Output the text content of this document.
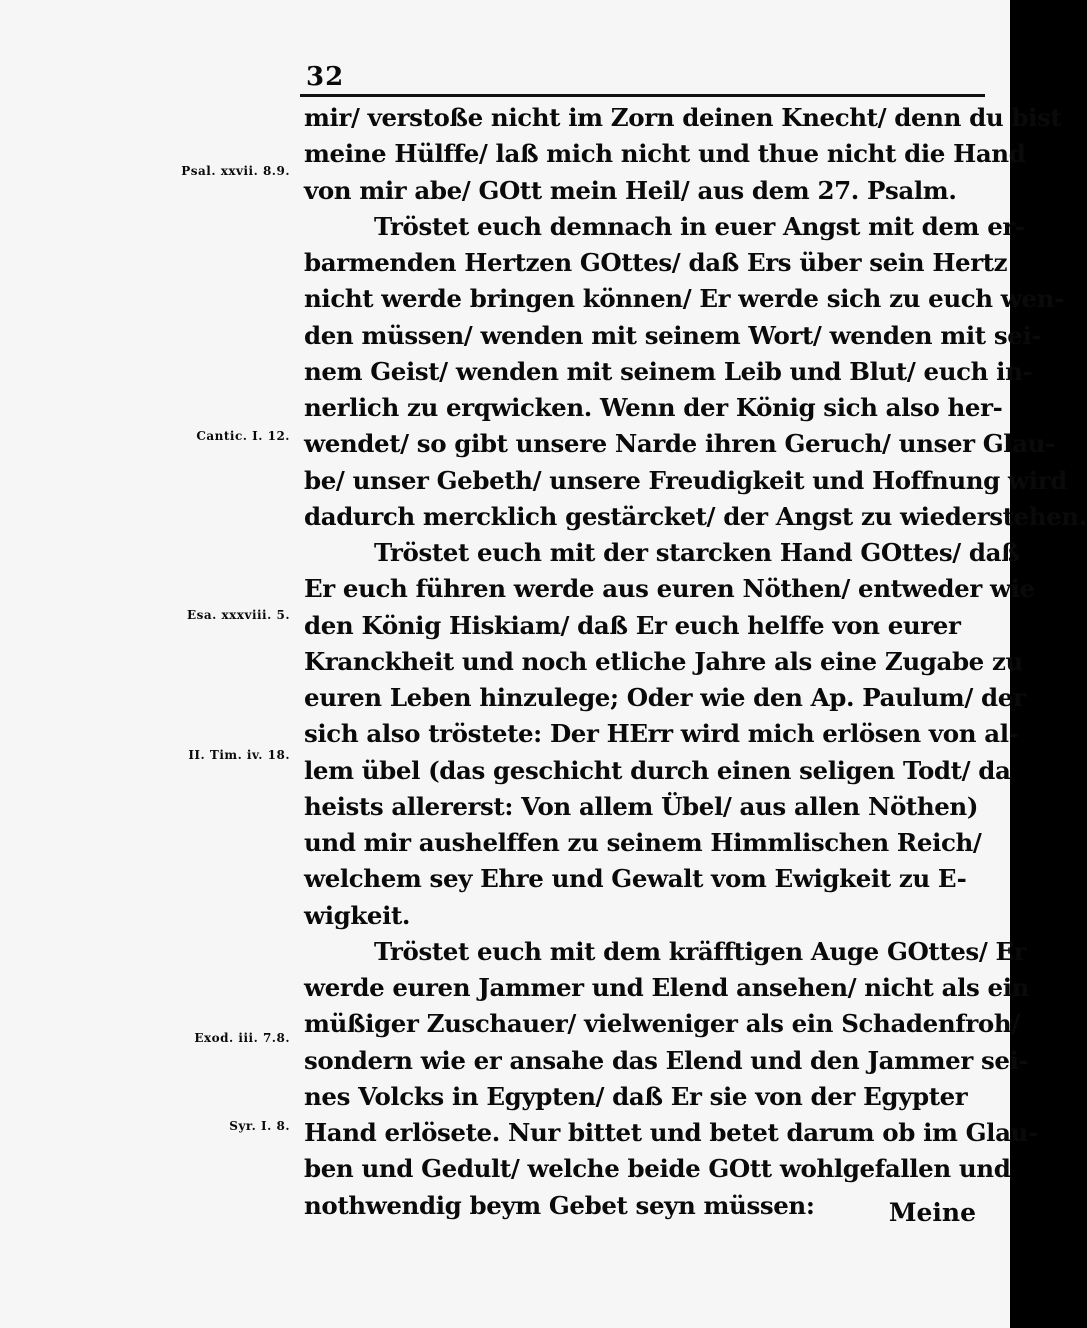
32
Psal. xxvii. 8.9.
Cantic. I. 12.
Esa. xxxviii. 5.
II. Tim. iv. 18.
Exod. iii. 7.8.
Syr. I. 8.
mir/ verstoße nicht im Zorn deinen Knecht/ denn du bist
meine Hülffe/ laß mich nicht und thue nicht die Hand
von mir abe/ GOtt mein Heil/ aus dem 27. Psalm.
Tröstet euch demnach in euer Angst mit dem er-
barmenden Hertzen GOttes/ daß Ers über sein Hertz
nicht werde bringen können/ Er werde sich zu euch wen-
den müssen/ wenden mit seinem Wort/ wenden mit sei-
nem Geist/ wenden mit seinem Leib und Blut/ euch in-
nerlich zu erqwicken. Wenn der König sich also her-
wendet/ so gibt unsere Narde ihren Geruch/ unser Glau-
be/ unser Gebeth/ unsere Freudigkeit und Hoffnung wird
dadurch mercklich gestärcket/ der Angst zu wiederstehen.
Tröstet euch mit der starcken Hand GOttes/ daß
Er euch führen werde aus euren Nöthen/ entweder wie
den König Hiskiam/ daß Er euch helffe von eurer
Kranckheit und noch etliche Jahre als eine Zugabe zu
euren Leben hinzulege; Oder wie den Ap. Paulum/ der
sich also tröstete: Der HErr wird mich erlösen von al-
lem übel (das geschicht durch einen seligen Todt/ da
heists allererst: Von allem Übel/ aus allen Nöthen)
und mir aushelffen zu seinem Himmlischen Reich/
welchem sey Ehre und Gewalt vom Ewigkeit zu E-
wigkeit.
Tröstet euch mit dem kräfftigen Auge GOttes/ Er
werde euren Jammer und Elend ansehen/ nicht als ein
müßiger Zuschauer/ vielweniger als ein Schadenfroh/
sondern wie er ansahe das Elend und den Jammer sei-
nes Volcks in Egypten/ daß Er sie von der Egypter
Hand erlösete. Nur bittet und betet darum ob im Glau-
ben und Gedult/ welche beide GOtt wohlgefallen und
nothwendig beym Gebet seyn müssen:	Meine
